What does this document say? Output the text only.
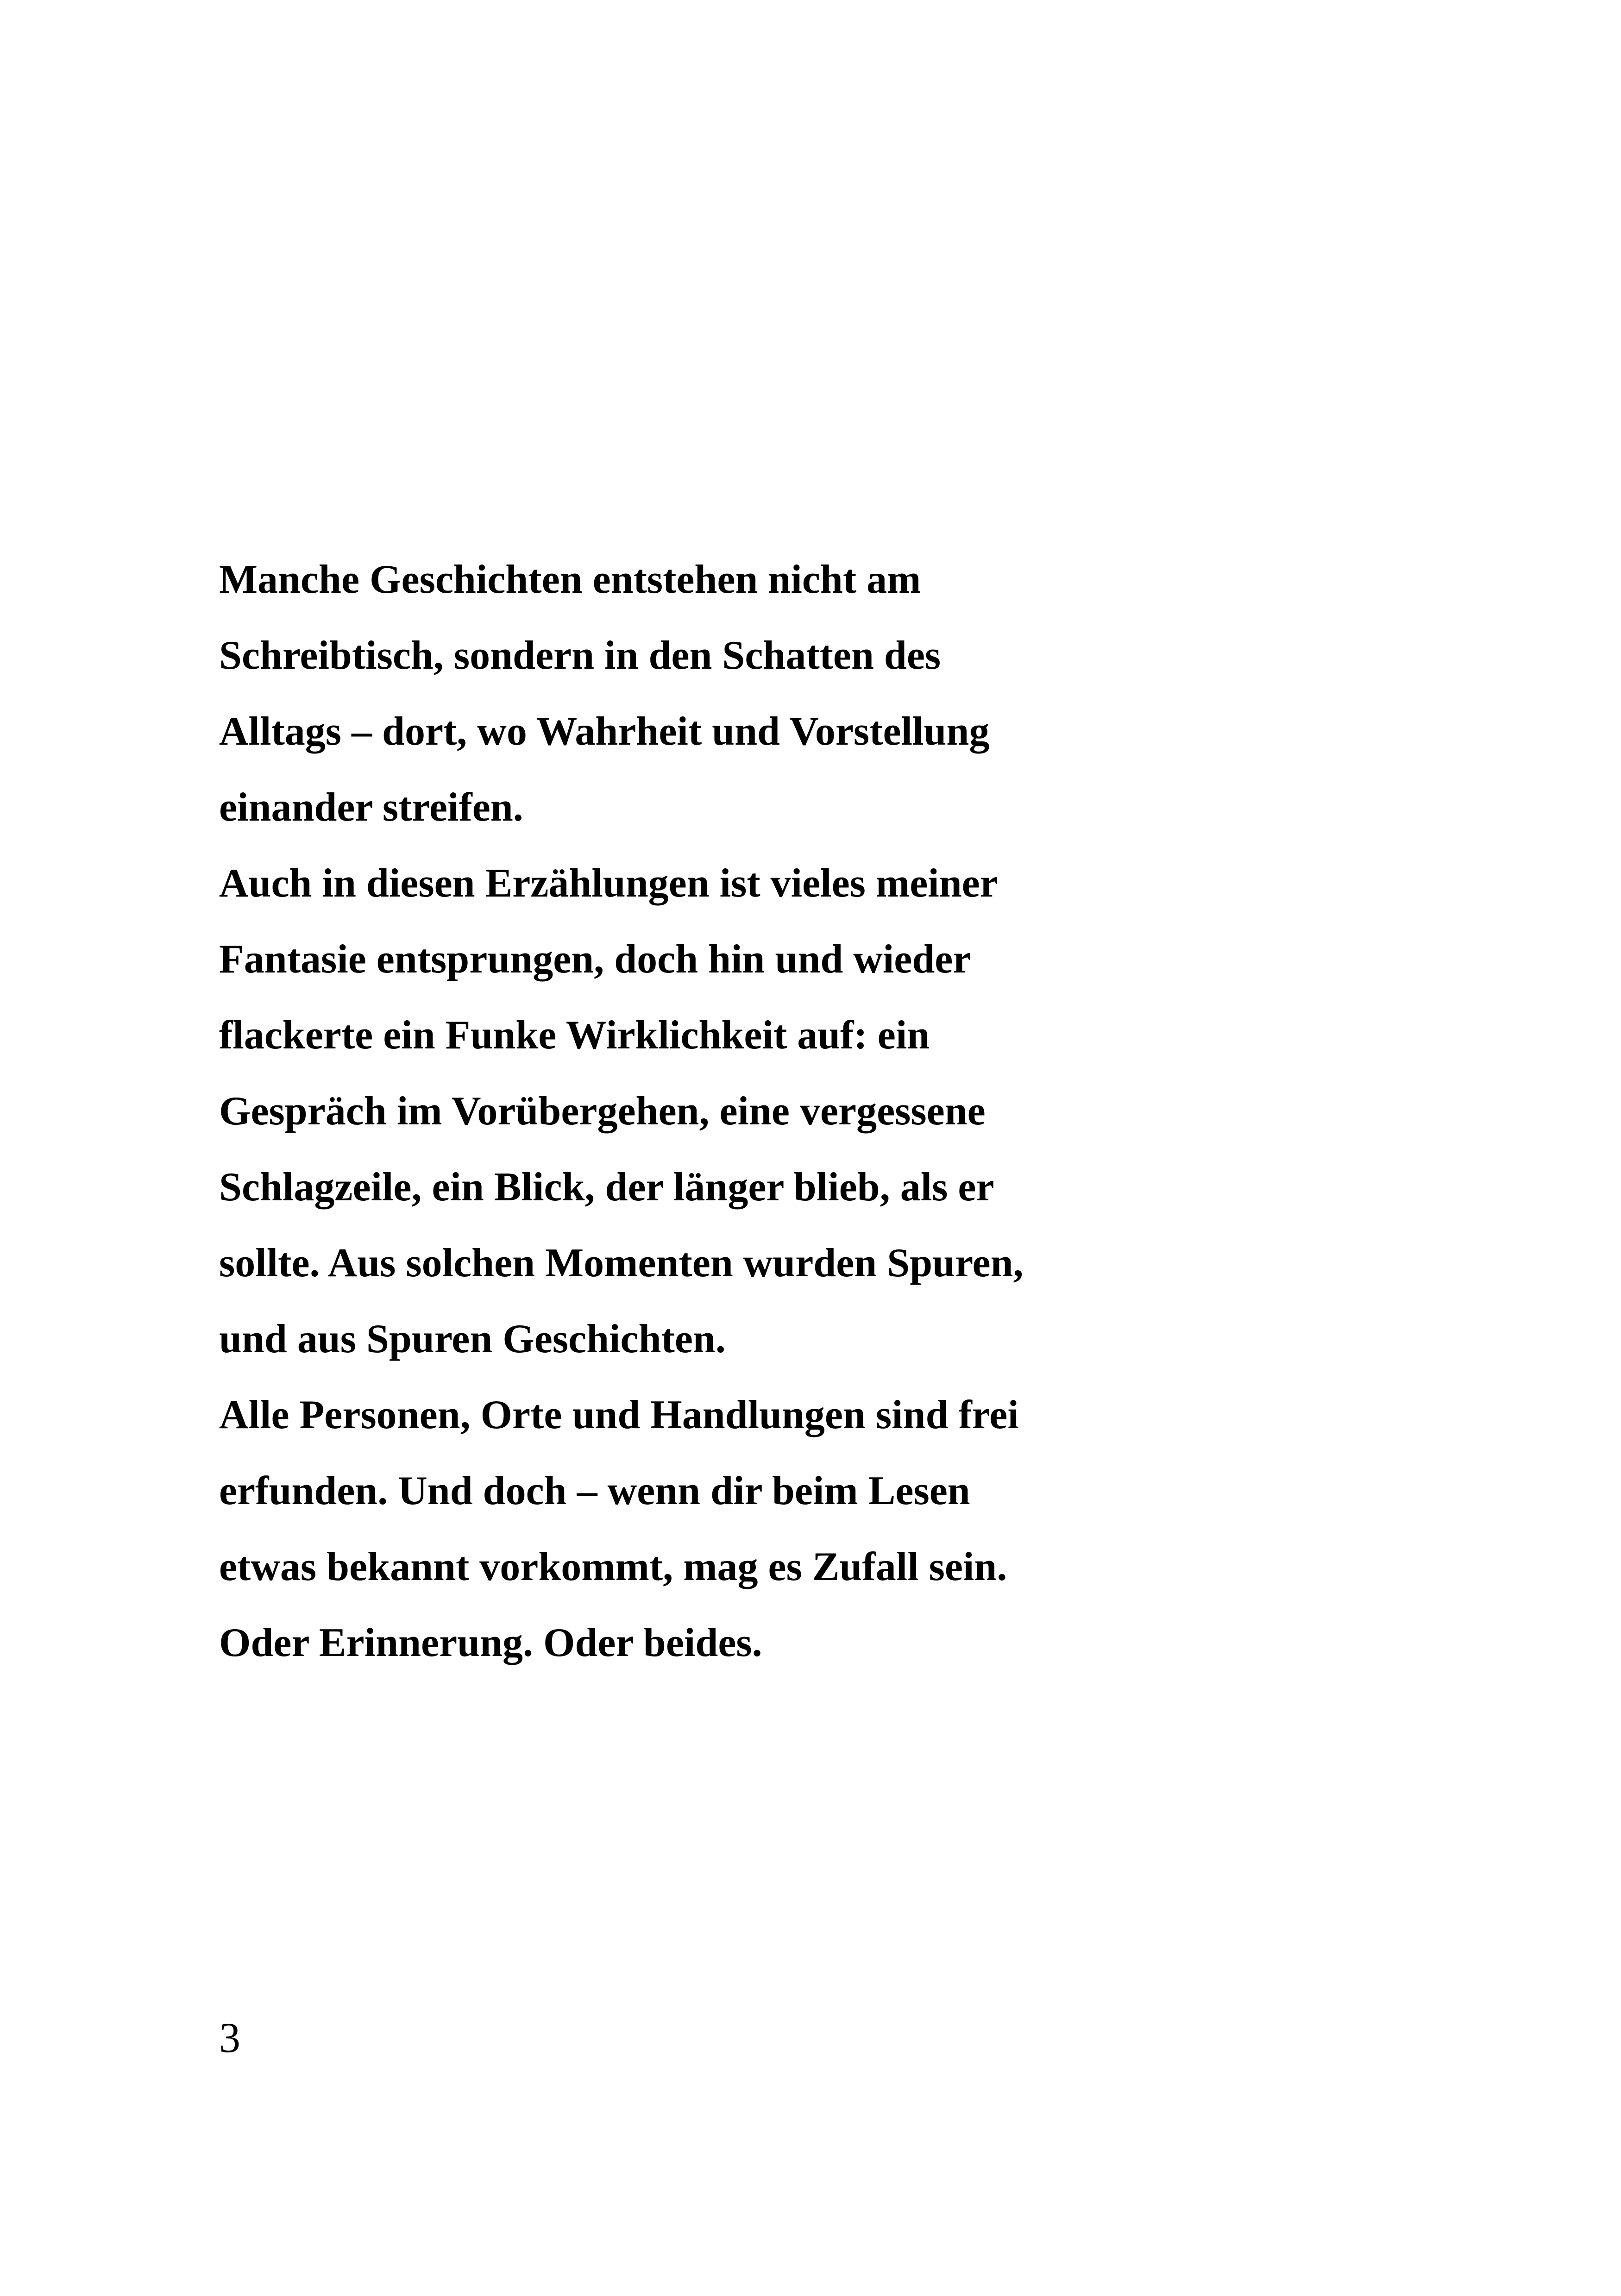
Manche Geschichten entstehen nicht am
Schreibtisch, sondern in den Schatten des
Alltags – dort, wo Wahrheit und Vorstellung
einander streifen.
Auch in diesen Erzählungen ist vieles meiner
Fantasie entsprungen, doch hin und wieder
flackerte ein Funke Wirklichkeit auf: ein
Gespräch im Vorübergehen, eine vergessene
Schlagzeile, ein Blick, der länger blieb, als er
sollte. Aus solchen Momenten wurden Spuren,
und aus Spuren Geschichten.
Alle Personen, Orte und Handlungen sind frei
erfunden. Und doch – wenn dir beim Lesen
etwas bekannt vorkommt, mag es Zufall sein.
Oder Erinnerung. Oder beides.
3
